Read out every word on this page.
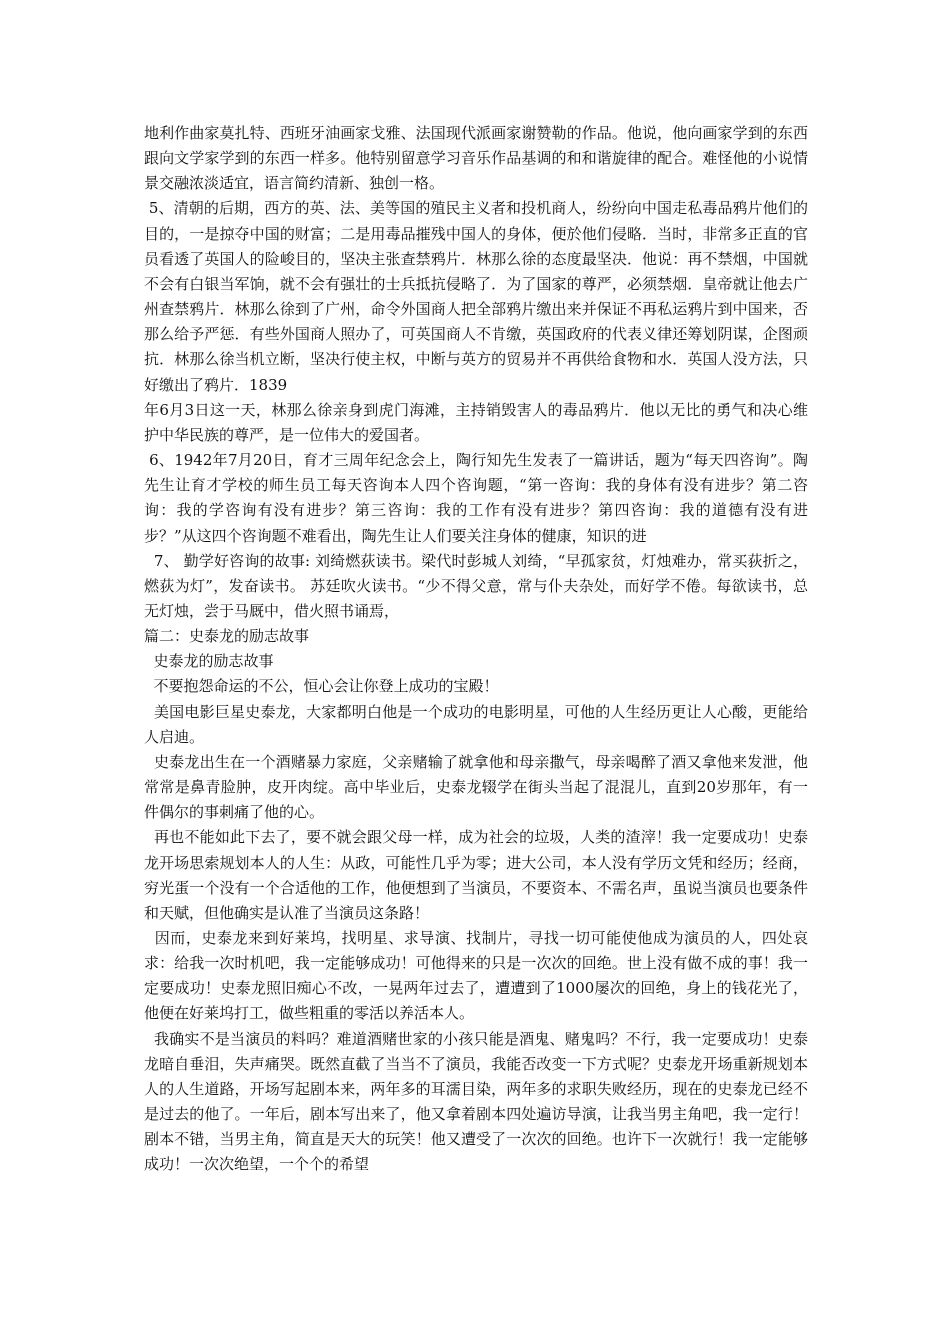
地利作曲家莫扎特、西班牙油画家戈雅、法国现代派画家谢赞勒的作品。他说，他向画家学到的东西跟向文学家学到的东西一样多。他特别留意学习音乐作品基调的和和谐旋律的配合。难怪他的小说情景交融浓淡适宜，语言简约清新、独创一格。

5、清朝的后期，西方的英、法、美等国的殖民主义者和投机商人，纷纷向中国走私毒品鸦片他们的目的，一是掠夺中国的财富；二是用毒品摧残中国人的身体，便於他们侵略．当时，非常多正直的官员看透了英国人的险峻目的，坚决主张查禁鸦片．林那么徐的态度最坚决．他说：再不禁烟，中国就不会有白银当军饷，就不会有强壮的士兵抵抗侵略了．为了国家的尊严，必须禁烟．皇帝就让他去广州查禁鸦片．林那么徐到了广州，命令外国商人把全部鸦片缴出来并保证不再私运鸦片到中国来，否那么给予严惩．有些外国商人照办了，可英国商人不肯缴，英国政府的代表义律还筹划阴谋，企图顽抗．林那么徐当机立断，坚决行使主权，中断与英方的贸易并不再供给食物和水．英国人没方法，只好缴出了鸦片．1839

年6月3日这一天，林那么徐亲身到虎门海滩，主持销毁害人的毒品鸦片．他以无比的勇气和决心维护中华民族的尊严，是一位伟大的爱国者。

6、1942年7月20日，育才三周年纪念会上，陶行知先生发表了一篇讲话，题为“每天四咨询”。陶先生让育才学校的师生员工每天咨询本人四个咨询题，“第一咨询：我的身体有没有进步？第二咨询：我的学咨询有没有进步？第三咨询：我的工作有没有进步？第四咨询：我的道德有没有进步？”从这四个咨询题不难看出，陶先生让人们要关注身体的健康，知识的进

7、 勤学好咨询的故事: 刘绮燃荻读书。梁代时彭城人刘绮，“早孤家贫，灯烛难办，常买荻折之，燃荻为灯”，发奋读书。 苏廷吹火读书。“少不得父意，常与仆夫杂处，而好学不倦。每欲读书，总无灯烛，尝于马厩中，借火照书诵焉，

篇二：史泰龙的励志故事

史泰龙的励志故事

不要抱怨命运的不公，恒心会让你登上成功的宝殿！

美国电影巨星史泰龙，大家都明白他是一个成功的电影明星，可他的人生经历更让人心酸，更能给人启迪。

史泰龙出生在一个酒赌暴力家庭，父亲赌输了就拿他和母亲撒气，母亲喝醉了酒又拿他来发泄，他常常是鼻青脸肿，皮开肉绽。高中毕业后，史泰龙辍学在街头当起了混混儿，直到20岁那年，有一件偶尔的事刺痛了他的心。

再也不能如此下去了，要不就会跟父母一样，成为社会的垃圾，人类的渣滓！我一定要成功！史泰龙开场思索规划本人的人生：从政，可能性几乎为零；进大公司，本人没有学历文凭和经历；经商，穷光蛋一个没有一个合适他的工作，他便想到了当演员，不要资本、不需名声，虽说当演员也要条件和天赋，但他确实是认准了当演员这条路！

因而，史泰龙来到好莱坞，找明星、求导演、找制片，寻找一切可能使他成为演员的人，四处哀求：给我一次时机吧，我一定能够成功！可他得来的只是一次次的回绝。世上没有做不成的事！我一定要成功！史泰龙照旧痴心不改，一晃两年过去了，遭遭到了1000屡次的回绝，身上的钱花光了，他便在好莱坞打工，做些粗重的零活以养活本人。

我确实不是当演员的料吗？难道酒赌世家的小孩只能是酒鬼、赌鬼吗？不行，我一定要成功！史泰龙暗自垂泪，失声痛哭。既然直截了当当不了演员，我能否改变一下方式呢？史泰龙开场重新规划本人的人生道路，开场写起剧本来，两年多的耳濡目染，两年多的求职失败经历，现在的史泰龙已经不是过去的他了。一年后，剧本写出来了，他又拿着剧本四处遍访导演，让我当男主角吧，我一定行！剧本不错，当男主角，简直是天大的玩笑！他又遭受了一次次的回绝。也许下一次就行！我一定能够成功！一次次绝望，一个个的希望
